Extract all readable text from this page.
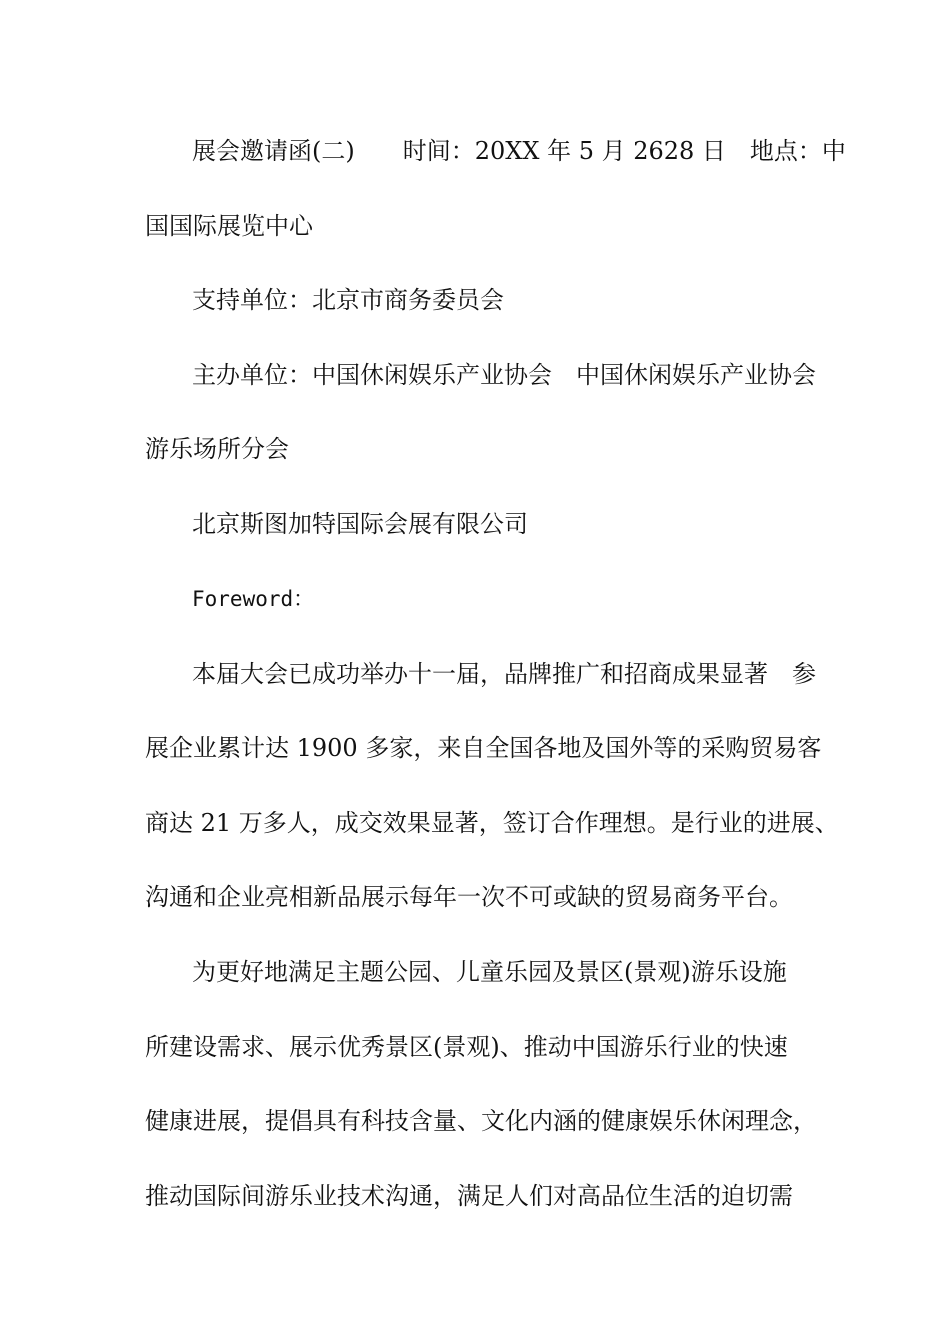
展会邀请函(二)　　时间：20XX 年 5 月 2628 日　地点：中
国国际展览中心
支持单位：北京市商务委员会
主办单位：中国休闲娱乐产业协会　中国休闲娱乐产业协会
游乐场所分会
北京斯图加特国际会展有限公司
Foreword：
本届大会已成功举办十一届，品牌推广和招商成果显著　参
展企业累计达 1900 多家，来自全国各地及国外等的采购贸易客
商达 21 万多人，成交效果显著，签订合作理想。是行业的进展、
沟通和企业亮相新品展示每年一次不可或缺的贸易商务平台。
为更好地满足主题公园、儿童乐园及景区(景观)游乐设施
所建设需求、展示优秀景区(景观)、推动中国游乐行业的快速
健康进展，提倡具有科技含量、文化内涵的健康娱乐休闲理念，
推动国际间游乐业技术沟通，满足人们对高品位生活的迫切需
